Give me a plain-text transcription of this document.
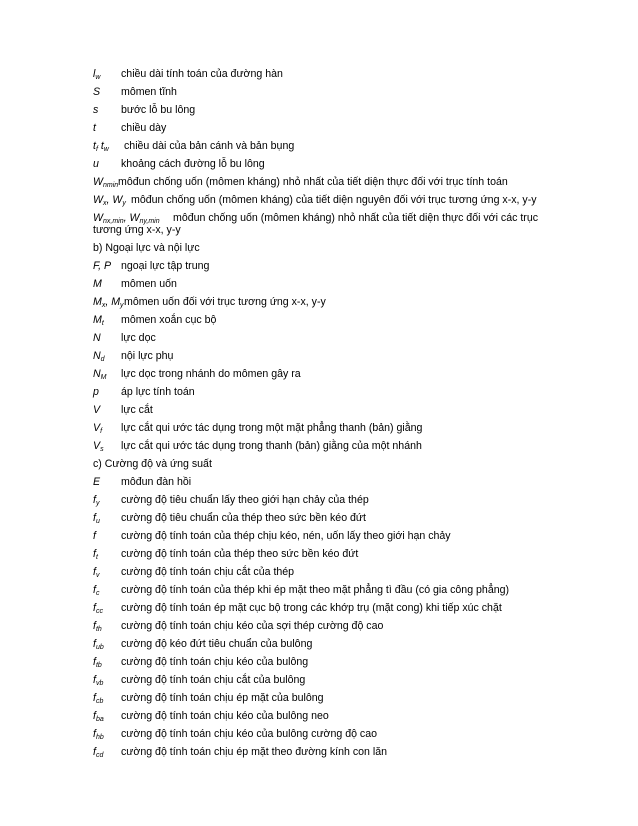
$l_w$ chiều dài tính toán của đường hàn
S mômen tĩnh
s bước lỗ bu lông
t chiều dày
$t_f$ $t_w$ chiều dài của bản cánh và bản bụng
u khoảng cách đường lỗ bu lông
$W_{nmin}$ môđun chống uốn (mômen kháng) nhỏ nhất của tiết diện thực đối với trục tính toán
$W_x$, $W_y$ môđun chống uốn (mômen kháng) của tiết diện nguyên đối với trục tương ứng x-x, y-y
$W_{nx,min}$, $W_{ny,min}$ môđun chống uốn (mômen kháng) nhỏ nhất của tiết diện thực đối với các trục
tương ứng x-x, y-y
b) Ngoại lực và nội lực
F, P ngoại lực tập trung
M mômen uốn
$M_x$, $M_y$ mômen uốn đối với trục tương ứng x-x, y-y
$M_t$ mômen xoắn cục bộ
N lực dọc
$N_d$ nội lực phụ
$N_M$ lực dọc trong nhánh do mômen gây ra
p áp lực tính toán
V lực cắt
$V_f$ lực cắt qui ước tác dụng trong một mặt phẳng thanh (bản) giằng
$V_s$ lực cắt qui ước tác dụng trong thanh (bản) giằng của một nhánh
c) Cường độ và ứng suất
E môđun đàn hồi
$f_y$ cường độ tiêu chuẩn lấy theo giới hạn chảy của thép
$f_u$ cường độ tiêu chuẩn của thép theo sức bền kéo đứt
f cường độ tính toán của thép chịu kéo, nén, uốn lấy theo giới hạn chảy
$f_t$ cường độ tính toán của thép theo sức bền kéo đứt
$f_v$ cường độ tính toán chịu cắt của thép
$f_c$ cường độ tính toán của thép khi ép mặt theo mặt phẳng tì đầu (có gia công phẳng)
$f_{cc}$ cường độ tính toán ép mặt cục bộ trong các khớp trụ (mặt cong) khi tiếp xúc chặt
$f_{th}$ cường độ tính toán chịu kéo của sợi thép cường độ cao
$f_{ub}$ cường độ kéo đứt tiêu chuẩn của bulông
$f_{tb}$ cường độ tính toán chịu kéo của bulông
$f_{vb}$ cường độ tính toán chịu cắt của bulông
$f_{cb}$ cường độ tính toán chịu ép mặt của bulông
$f_{ba}$ cường độ tính toán chịu kéo của bulông neo
$f_{hb}$ cường độ tính toán chịu kéo của bulông cường độ cao
$f_{cd}$ cường độ tính toán chịu ép mặt theo đường kính con lăn
